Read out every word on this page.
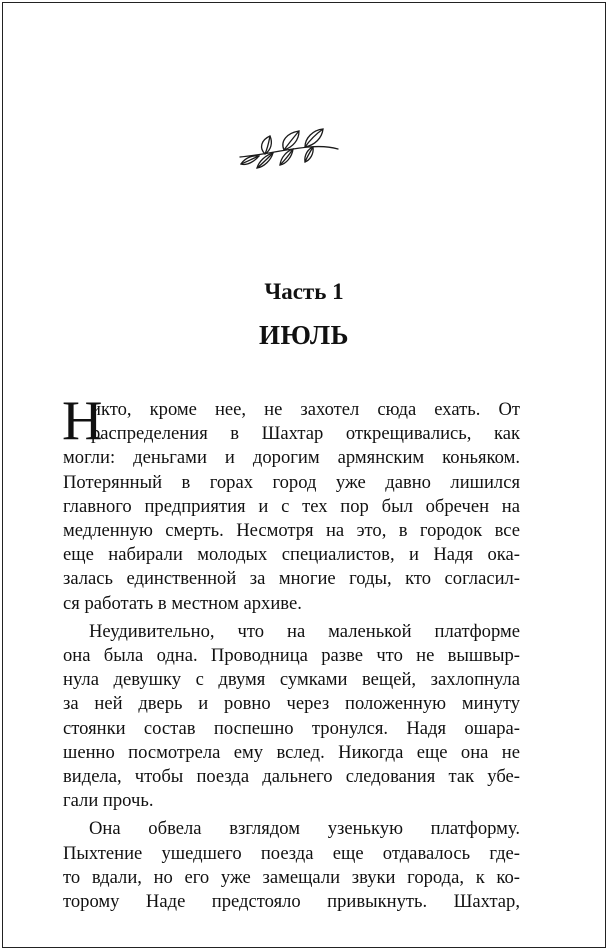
Часть 1
ИЮЛЬ
Н
икто, кроме нее, не захотел сюда ехать. От
распределения в Шахтар открещивались, как
могли: деньгами и дорогим армянским коньяком.
Потерянный в горах город уже давно лишился
главного предприятия и с тех пор был обречен на
медленную смерть. Несмотря на это, в городок все
еще набирали молодых специалистов, и Надя ока-
залась единственной за многие годы, кто согласил-
ся работать в местном архиве.
Неудивительно, что на маленькой платформе
она была одна. Проводница разве что не вышвыр-
нула девушку с двумя сумками вещей, захлопнула
за ней дверь и ровно через положенную минуту
стоянки состав поспешно тронулся. Надя ошара-
шенно посмотрела ему вслед. Никогда еще она не
видела, чтобы поезда дальнего следования так убе-
гали прочь.
Она обвела взглядом узенькую платформу.
Пыхтение ушедшего поезда еще отдавалось где-
то вдали, но его уже замещали звуки города, к ко-
торому Наде предстояло привыкнуть. Шахтар,
